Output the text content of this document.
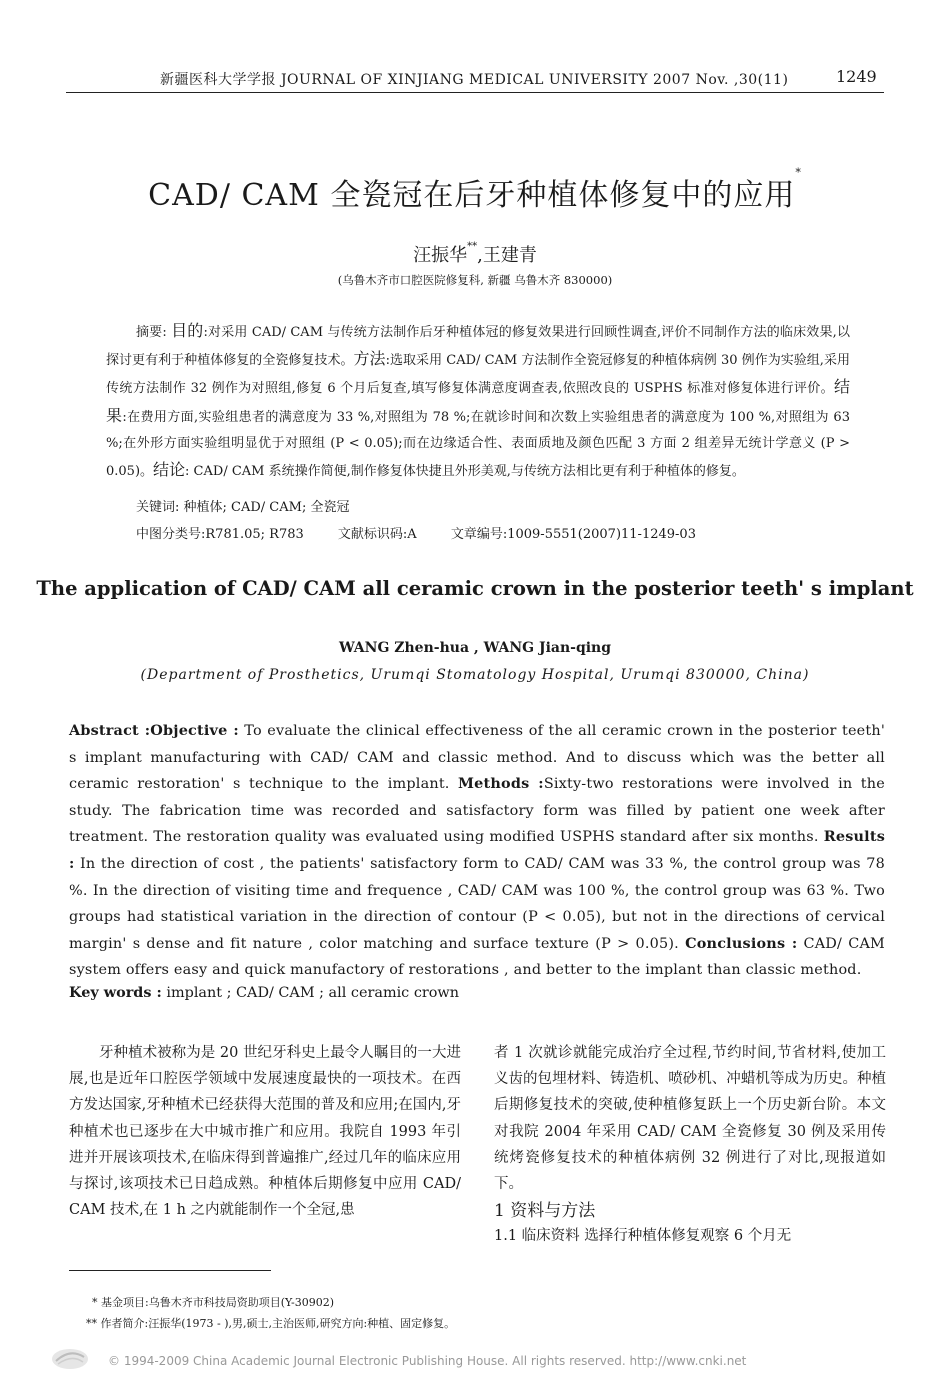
新疆医科大学学报 JOURNAL OF XINJIANG MEDICAL UNIVERSITY 2007 Nov. ,30(11)	1249
CAD/ CAM 全瓷冠在后牙种植体修复中的应用*
汪振华**,王建青
(乌鲁木齐市口腔医院修复科, 新疆 乌鲁木齐 830000)
摘要: 目的:对采用 CAD/ CAM 与传统方法制作后牙种植体冠的修复效果进行回顾性调查,评价不同制作方法的临床效果,以探讨更有利于种植体修复的全瓷修复技术。方法:选取采用 CAD/ CAM 方法制作全瓷冠修复的种植体病例 30 例作为实验组,采用传统方法制作 32 例作为对照组,修复 6 个月后复查,填写修复体满意度调查表,依照改良的 USPHS 标准对修复体进行评价。结果:在费用方面,实验组患者的满意度为 33 %,对照组为 78 %;在就诊时间和次数上实验组患者的满意度为 100 %,对照组为 63 %;在外形方面实验组明显优于对照组 (P < 0.05);而在边缘适合性、表面质地及颜色匹配 3 方面 2 组差异无统计学意义 (P > 0.05)。结论: CAD/ CAM 系统操作简便,制作修复体快捷且外形美观,与传统方法相比更有利于种植体的修复。
关键词: 种植体; CAD/ CAM; 全瓷冠
中图分类号:R781.05; R783	文献标识码:A	文章编号:1009-5551(2007)11-1249-03
The application of CAD/ CAM all ceramic crown in the posterior teeth' s implant
WANG Zhen-hua , WANG Jian-qing
(Department of Prosthetics, Urumqi Stomatology Hospital, Urumqi 830000, China)
Abstract :Objective : To evaluate the clinical effectiveness of the all ceramic crown in the posterior teeth' s implant manufacturing with CAD/ CAM and classic method. And to discuss which was the better all ceramic restoration' s technique to the implant. Methods :Sixty-two restorations were involved in the study. The fabrication time was recorded and satisfactory form was filled by patient one week after treatment. The restoration quality was evaluated using modified USPHS standard after six months. Results : In the direction of cost , the patients' satisfactory form to CAD/ CAM was 33 %, the control group was 78 %. In the direction of visiting time and frequence , CAD/ CAM was 100 %, the control group was 63 %. Two groups had statistical variation in the direction of contour (P < 0.05), but not in the directions of cervical margin' s dense and fit nature , color matching and surface texture (P > 0.05). Conclusions : CAD/ CAM system offers easy and quick manufactory of restorations , and better to the implant than classic method.
Key words : implant ; CAD/ CAM ; all ceramic crown
牙种植术被称为是 20 世纪牙科史上最令人瞩目的一大进展,也是近年口腔医学领域中发展速度最快的一项技术。在西方发达国家,牙种植术已经获得大范围的普及和应用;在国内,牙种植术也已逐步在大中城市推广和应用。我院自 1993 年引进并开展该项技术,在临床得到普遍推广,经过几年的临床应用与探讨,该项技术已日趋成熟。种植体后期修复中应用 CAD/ CAM 技术,在 1 h 之内就能制作一个全冠,患
者 1 次就诊就能完成治疗全过程,节约时间,节省材料,使加工义齿的包埋材料、铸造机、喷砂机、冲蜡机等成为历史。种植后期修复技术的突破,使种植修复跃上一个历史新台阶。本文对我院 2004 年采用 CAD/ CAM 全瓷修复 30 例及采用传统烤瓷修复技术的种植体病例 32 例进行了对比,现报道如下。
1 资料与方法
1.1 临床资料 选择行种植体修复观察 6 个月无
* 基金项目:乌鲁木齐市科技局资助项目(Y-30902)
** 作者简介:汪振华(1973 - ),男,硕士,主治医师,研究方向:种植、固定修复。
© 1994-2009 China Academic Journal Electronic Publishing House. All rights reserved. http://www.cnki.net
